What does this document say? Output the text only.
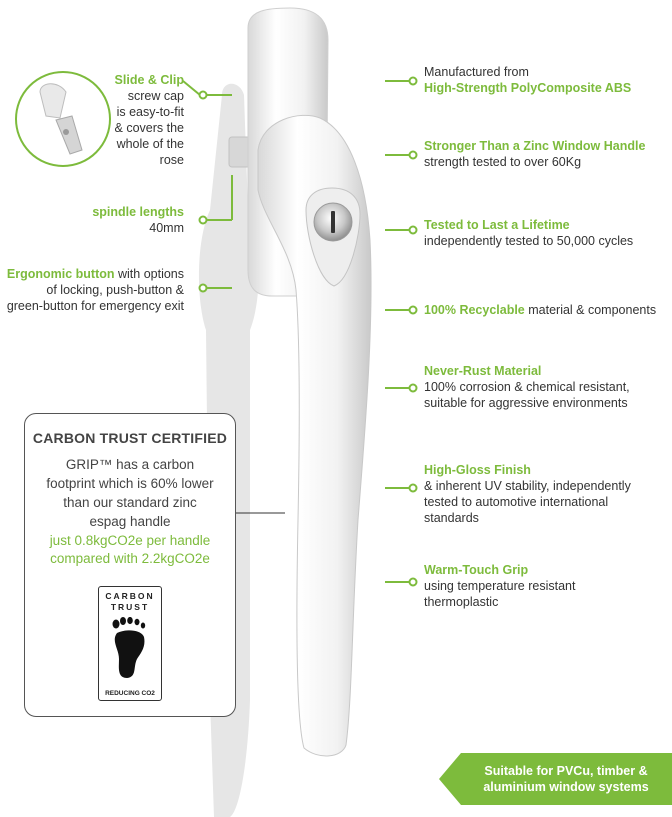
Slide & Clip
screw cap
is easy-to-fit
& covers the
whole of the
rose
spindle lengths
40mm
Ergonomic button with options
of locking, push-button &
green-button for emergency exit
Manufactured from
High-Strength PolyComposite ABS
Stronger Than a Zinc Window Handle
strength tested to over 60Kg
Tested to Last a Lifetime
independently tested to 50,000 cycles
100% Recyclable material & components
Never-Rust Material
100% corrosion & chemical resistant,
suitable for aggressive environments
High-Gloss Finish
& inherent UV stability, independently
tested to automotive international
standards
Warm-Touch Grip
using temperature resistant
thermoplastic
CARBON TRUST CERTIFIED
GRIP™ has a carbon
footprint which is 60% lower
than our standard zinc
espag handle
just 0.8kgCO2e per handle
compared with 2.2kgCO2e
CARBON
TRUST
REDUCING CO2
Suitable for PVCu, timber &
aluminium window systems
